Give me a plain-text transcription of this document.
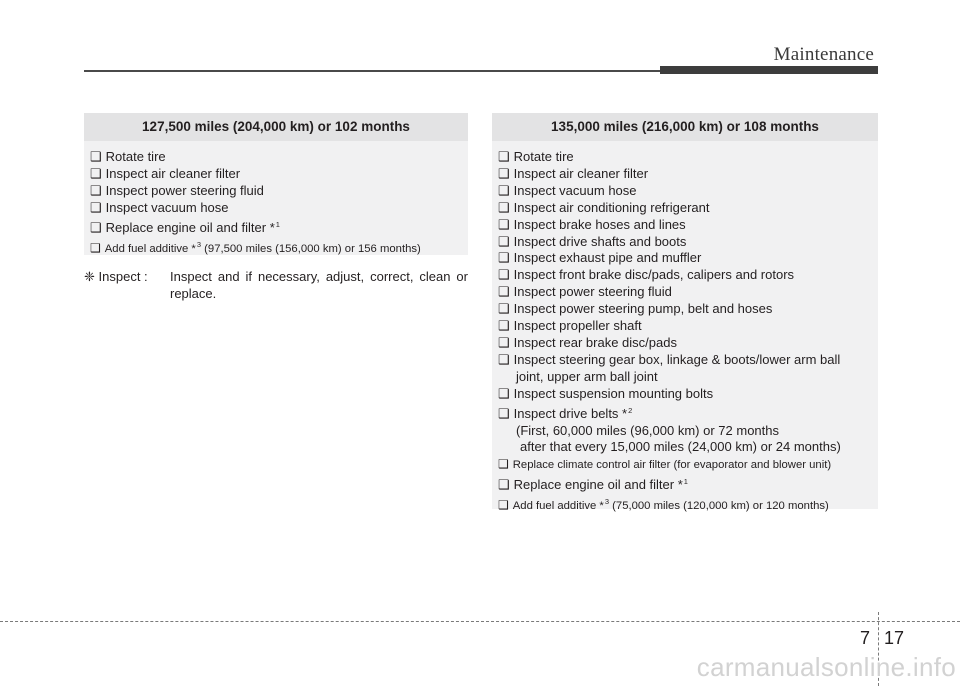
Maintenance
127,500 miles (204,000 km) or 102 months
❑ Rotate tire
❑ Inspect air cleaner filter
❑ Inspect power steering fluid
❑ Inspect vacuum hose
❑ Replace engine oil and filter *$^1$
❑ Add fuel additive *$^3$ (97,500 miles (156,000 km) or 156 months)
❈ Inspect :	Inspect and if necessary, adjust, correct, clean or
replace.
135,000 miles (216,000 km) or 108 months
❑ Rotate tire
❑ Inspect air cleaner filter
❑ Inspect vacuum hose
❑ Inspect air conditioning refrigerant
❑ Inspect brake hoses and lines
❑ Inspect drive shafts and boots
❑ Inspect exhaust pipe and muffler
❑ Inspect front brake disc/pads, calipers and rotors
❑ Inspect power steering fluid
❑ Inspect power steering pump, belt and hoses
❑ Inspect propeller shaft
❑ Inspect rear brake disc/pads
❑ Inspect steering gear box, linkage & boots/lower arm ball
joint, upper arm ball joint
❑ Inspect suspension mounting bolts
❑ Inspect drive belts *$^2$
(First, 60,000 miles (96,000 km) or 72 months
after that every 15,000 miles (24,000 km) or 24 months)
❑ Replace climate control air filter (for evaporator and blower unit)
❑ Replace engine oil and filter *$^1$
❑ Add fuel additive *$^3$ (75,000 miles (120,000 km) or 120 months)
7 17
carmanualsonline.info
